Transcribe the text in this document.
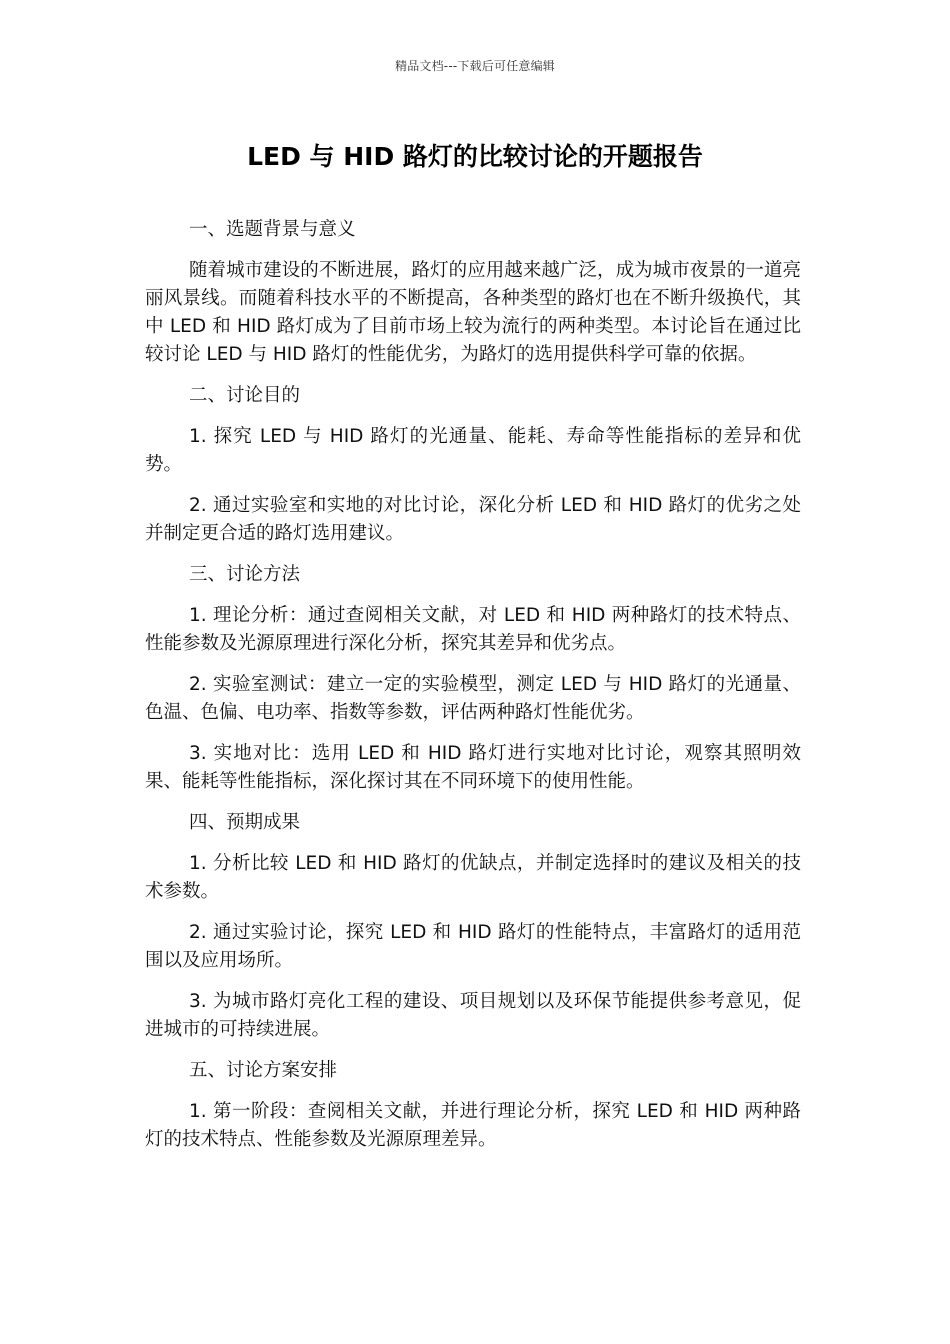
精品文档---下载后可任意编辑
LED 与 HID 路灯的比较讨论的开题报告

一、选题背景与意义

随着城市建设的不断进展，路灯的应用越来越广泛，成为城市夜景的一道亮丽风景线。而随着科技水平的不断提高，各种类型的路灯也在不断升级换代，其中 LED 和 HID 路灯成为了目前市场上较为流行的两种类型。本讨论旨在通过比较讨论 LED 与 HID 路灯的性能优劣，为路灯的选用提供科学可靠的依据。

二、讨论目的

1. 探究 LED 与 HID 路灯的光通量、能耗、寿命等性能指标的差异和优势。

2. 通过实验室和实地的对比讨论，深化分析 LED 和 HID 路灯的优劣之处并制定更合适的路灯选用建议。

三、讨论方法

1. 理论分析：通过查阅相关文献，对 LED 和 HID 两种路灯的技术特点、性能参数及光源原理进行深化分析，探究其差异和优劣点。

2. 实验室测试：建立一定的实验模型，测定 LED 与 HID 路灯的光通量、色温、色偏、电功率、指数等参数，评估两种路灯性能优劣。

3. 实地对比：选用 LED 和 HID 路灯进行实地对比讨论，观察其照明效果、能耗等性能指标，深化探讨其在不同环境下的使用性能。

四、预期成果

1. 分析比较 LED 和 HID 路灯的优缺点，并制定选择时的建议及相关的技术参数。

2. 通过实验讨论，探究 LED 和 HID 路灯的性能特点，丰富路灯的适用范围以及应用场所。

3. 为城市路灯亮化工程的建设、项目规划以及环保节能提供参考意见，促进城市的可持续进展。

五、讨论方案安排

1. 第一阶段：查阅相关文献，并进行理论分析，探究 LED 和 HID 两种路灯的技术特点、性能参数及光源原理差异。
